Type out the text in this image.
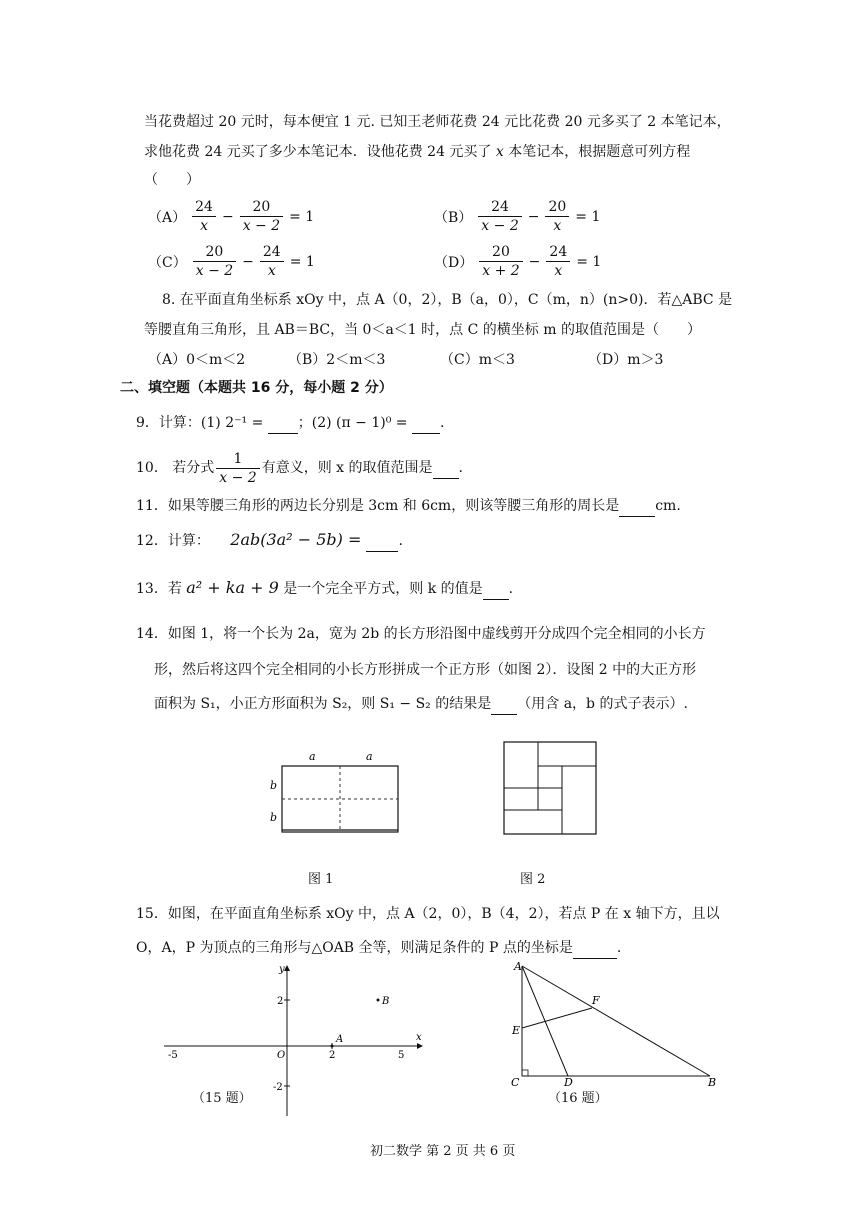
当花费超过 20 元时，每本便宜 1 元. 已知王老师花费 24 元比花费 20 元多买了 2 本笔记本，
求他花费 24 元买了多少本笔记本．设他花费 24 元买了 x 本笔记本，根据题意可列方程
（　　）
$(A) \frac{24}{x} - \frac{20}{x - 2} = 1$	$(B) \frac{24}{x - 2} - \frac{20}{x} = 1$
$(C) \frac{20}{x - 2} - \frac{24}{x} = 1$	$(D) \frac{20}{x + 2} - \frac{24}{x} = 1$
8. 在平面直角坐标系 xOy 中，点 A（0，2），B（a，0），C（m，n）(n>0)．若△ABC 是
等腰直角三角形，且 AB＝BC，当 0＜a＜1 时，点 C 的横坐标 m 的取值范围是（　　）
（A）0＜m＜2	（B）2＜m＜3	（C）m＜3	（D）m＞3
二、填空题（本题共 16 分，每小题 2 分）
9．计算：(1) 2⁻¹ =  ；(2) (π − 1)⁰ =  .
10． 若分式 $\frac{1}{x - 2}$ 有意义，则 x 的取值范围是
.
11．如果等腰三角形的两边长分别是 3cm 和 6cm，则该等腰三角形的周长是	cm.
12．计算： 2ab(3a² − 5b) =  .
13．若 a² + ka + 9 是一个完全平方式，则 k 的值是 .
14．如图 1，将一个长为 2a，宽为 2b 的长方形沿图中虚线剪开分成四个完全相同的小长方
形，然后将这四个完全相同的小长方形拼成一个正方形（如图 2）．设图 2 中的大正方形
面积为 S₁，小正方形面积为 S₂，则 S₁ − S₂ 的结果是 （用含 a，b 的式子表示）.
a	a
b
b
图 1	图 2
15．如图，在平面直角坐标系 xOy 中，点 A（2，0），B（4，2），若点 P 在 x 轴下方，且以
O，A，P 为顶点的三角形与△OAB 全等，则满足条件的 P 点的坐标是	.
x
y
O
-5	2	5
2
-2
A
B
（15 题）
A
C	D	B
E
F
（16 题）
初二数学 第 2 页 共 6 页
